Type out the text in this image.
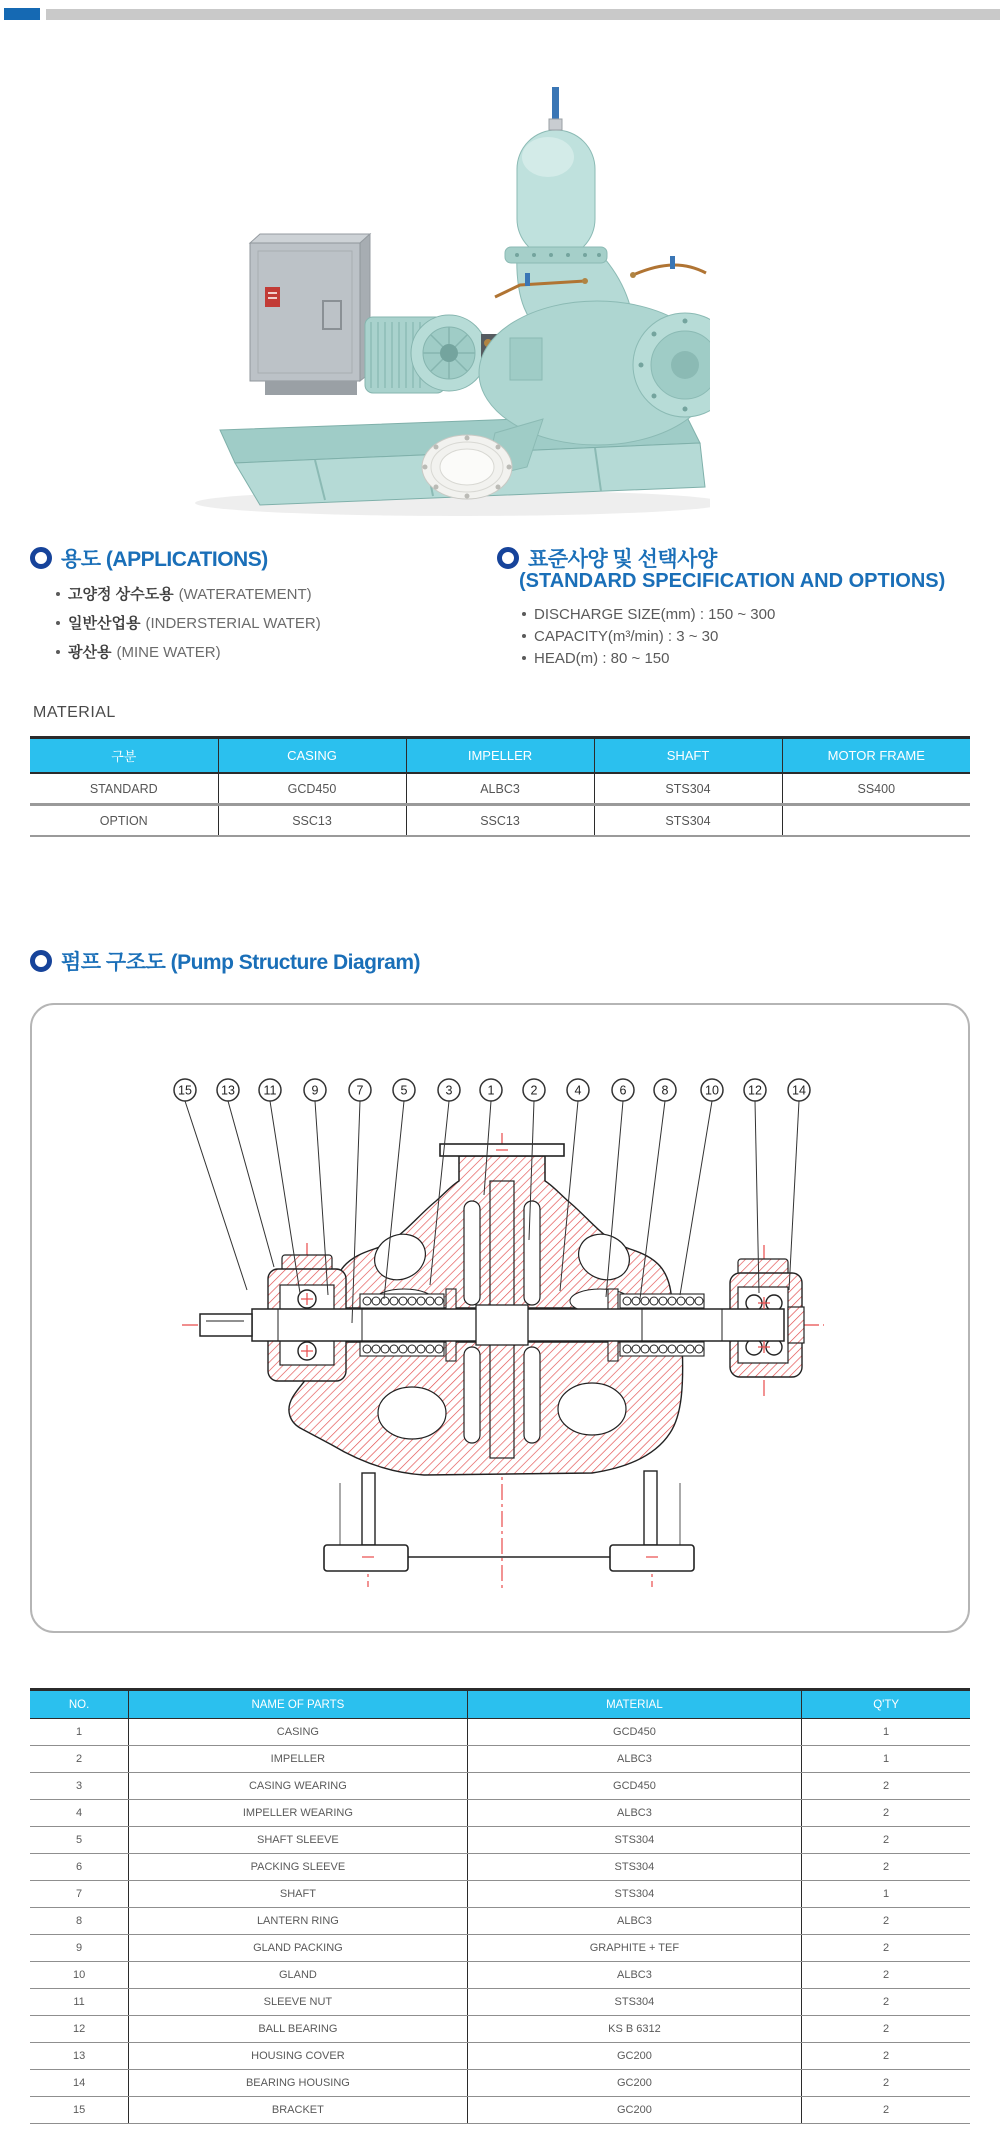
용도 (APPLICATIONS)
고양정 상수도용 (WATERATEMENT)
일반산업용 (INDERSTERIAL WATER)
광산용 (MINE WATER)
표준사양 및 선택사양
(STANDARD SPECIFICATION AND OPTIONS)
DISCHARGE SIZE(mm) : 150 ~ 300
CAPACITY(m³/min) : 3 ~ 30
HEAD(m) : 80 ~ 150
MATERIAL
구분	CASING	IMPELLER	SHAFT	MOTOR FRAME
STANDARD	GCD450	ALBC3	STS304	SS400
OPTION	SSC13	SSC13	STS304	
펌프 구조도 (Pump Structure Diagram)
15 13 11	9	7	5	3	1	2	4	6	8	10 12 14
NO.	NAME OF PARTS	MATERIAL	Q'TY
1	CASING	GCD450	1
2	IMPELLER	ALBC3	1
3	CASING WEARING	GCD450	2
4	IMPELLER WEARING	ALBC3	2
5	SHAFT SLEEVE	STS304	2
6	PACKING SLEEVE	STS304	2
7	SHAFT	STS304	1
8	LANTERN RING	ALBC3	2
9	GLAND PACKING	GRAPHITE + TEF	2
10	GLAND	ALBC3	2
11	SLEEVE NUT	STS304	2
12	BALL BEARING	KS B 6312	2
13	HOUSING COVER	GC200	2
14	BEARING HOUSING	GC200	2
15	BRACKET	GC200	2
